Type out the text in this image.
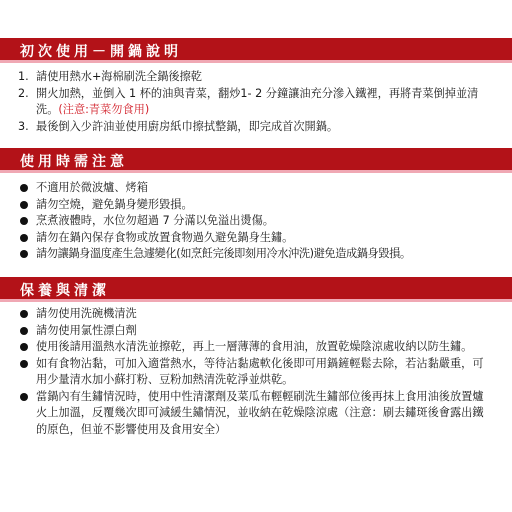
初次使用－開鍋說明
1. 請使用熱水+海棉刷洗全鍋後擦乾
2. 開火加熱，並倒入 1 杯的油與青菜，翻炒1- 2 分鐘讓油充分滲入鐵裡，再將青菜倒掉並清洗。(注意:青菜勿食用)
3. 最後倒入少許油並使用廚房紙巾擦拭整鍋，即完成首次開鍋。
使用時需注意
不適用於微波爐、烤箱
請勿空燒，避免鍋身變形毀損。
烹煮液體時，水位勿超過 7 分滿以免溢出燙傷。
請勿在鍋內保存食物或放置食物過久避免鍋身生鏽。
請勿讓鍋身溫度產生急遽變化(如烹飪完後即刻用冷水沖洗)避免造成鍋身毀損。
保養與清潔
請勿使用洗碗機清洗
請勿使用氯性漂白劑
使用後請用溫熱水清洗並擦乾，再上一層薄薄的食用油，放置乾燥陰涼處收納以防生鏽。
如有食物沾黏，可加入適當熱水，等待沾黏處軟化後即可用鍋鏟輕鬆去除，若沾黏嚴重，可用少量清水加小蘇打粉、豆粉加熱清洗乾淨並烘乾。
當鍋內有生鏽情況時，使用中性清潔劑及菜瓜布輕輕刷洗生鏽部位後再抹上食用油後放置爐火上加溫，反覆幾次即可減緩生鏽情況，並收納在乾燥陰涼處（注意：刷去鏽斑後會露出鐵的原色，但並不影響使用及食用安全）
